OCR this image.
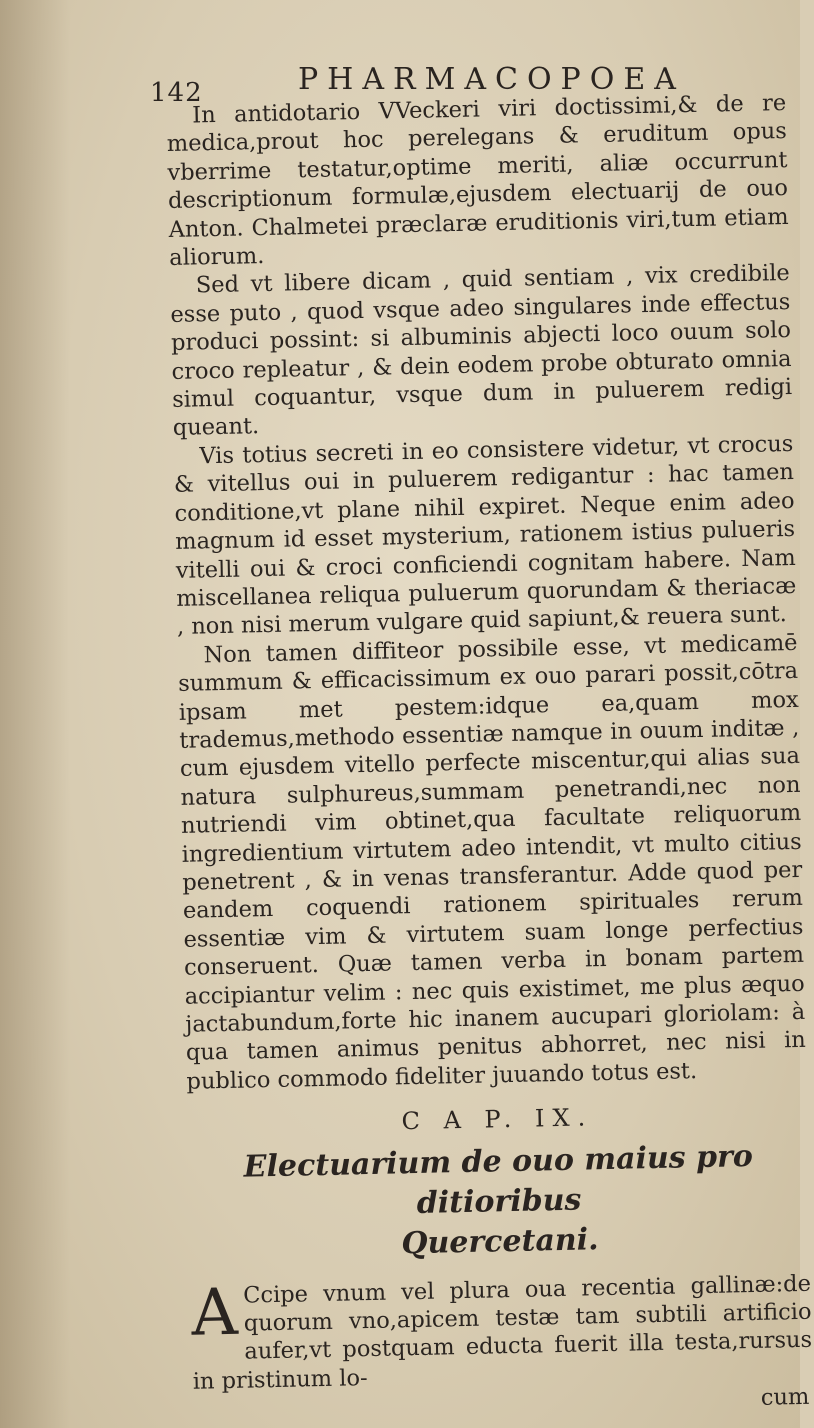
142	PHARMACOPOEA

In antidotario VVeckeri viri doctissimi,& de re medica,prout hoc perelegans & eruditum opus vberrime testatur,optime meriti, aliæ occurrunt descriptionum formulæ,ejusdem electuarij de ouo Anton. Chalmetei præclaræ eruditionis viri,tum etiam aliorum.

Sed vt libere dicam , quid sentiam , vix credibile esse puto , quod vsque adeo singulares inde effectus produci possint: si albuminis abjecti loco ouum solo croco repleatur , & dein eodem probe obturato omnia simul coquantur, vsque dum in puluerem redigi queant.

Vis totius secreti in eo consistere videtur, vt crocus & vitellus oui in puluerem redigantur : hac tamen conditione,vt plane nihil expiret. Neque enim adeo magnum id esset mysterium, rationem istius pulueris vitelli oui & croci conficiendi cognitam habere. Nam miscellanea reliqua puluerum quorundam & theriacæ , non nisi merum vulgare quid sapiunt,& reuera sunt.

Non tamen diffiteor possibile esse, vt medicamē summum & efficacissimum ex ouo parari possit,cōtra ipsam met pestem:idque ea,quam mox trademus,methodo essentiæ namque in ouum inditæ , cum ejusdem vitello perfecte miscentur,qui alias sua natura sulphureus,summam penetrandi,nec non nutriendi vim obtinet,qua facultate reliquorum ingredientium virtutem adeo intendit, vt multo citius penetrent , & in venas transferantur. Adde quod per eandem coquendi rationem spirituales rerum essentiæ vim & virtutem suam longe perfectius conseruent. Quæ tamen verba in bonam partem accipiantur velim : nec quis existimet, me plus æquo jactabundum,forte hic inanem aucupari gloriolam: à qua tamen animus penitus abhorret, nec nisi in publico commodo fideliter juuando totus est.

C A P. IX.

Electuarium de ouo maius pro ditioribus

Quercetani.

A Ccipe vnum vel plura oua recentia gallinæ:de quorum vno,apicem testæ tam subtili artificio aufer,vt postquam educta fuerit illa testa,rursus in pristinum lo-

cum
